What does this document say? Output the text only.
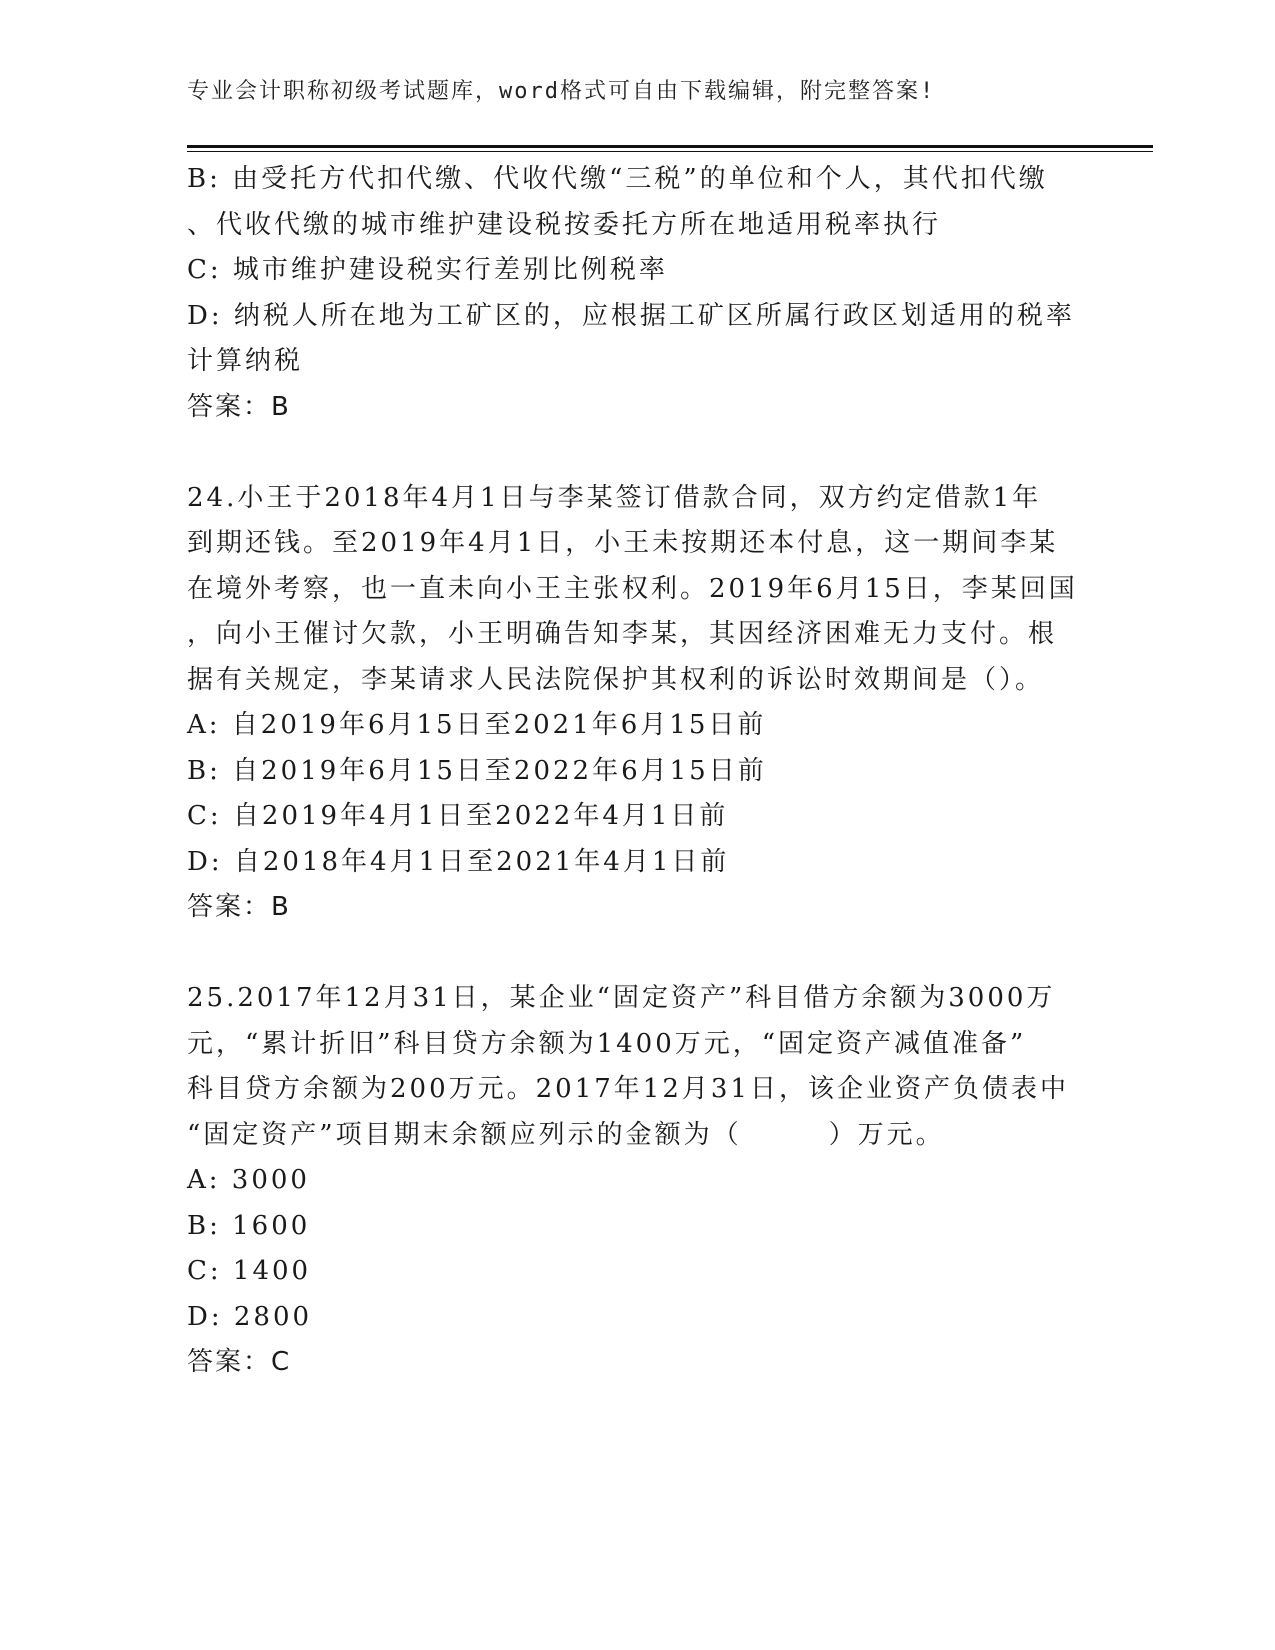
专业会计职称初级考试题库，word格式可自由下载编辑，附完整答案!
B: 由受托方代扣代缴、代收代缴“三税”的单位和个人，其代扣代缴
、代收代缴的城市维护建设税按委托方所在地适用税率执行
C: 城市维护建设税实行差别比例税率
D: 纳税人所在地为工矿区的，应根据工矿区所属行政区划适用的税率
计算纳税
答案：B
24.小王于2018年4月1日与李某签订借款合同，双方约定借款1年
到期还钱。至2019年4月1日，小王未按期还本付息，这一期间李某
在境外考察，也一直未向小王主张权利。2019年6月15日，李某回国
，向小王催讨欠款，小王明确告知李某，其因经济困难无力支付。根
据有关规定，李某请求人民法院保护其权利的诉讼时效期间是（）。
A: 自2019年6月15日至2021年6月15日前
B: 自2019年6月15日至2022年6月15日前
C: 自2019年4月1日至2022年4月1日前
D: 自2018年4月1日至2021年4月1日前
答案：B
25.2017年12月31日，某企业“固定资产”科目借方余额为3000万
元，“累计折旧”科目贷方余额为1400万元，“固定资产减值准备”
科目贷方余额为200万元。2017年12月31日，该企业资产负债表中
“固定资产”项目期末余额应列示的金额为（　　　）万元。
A: 3000
B: 1600
C: 1400
D: 2800
答案：C
